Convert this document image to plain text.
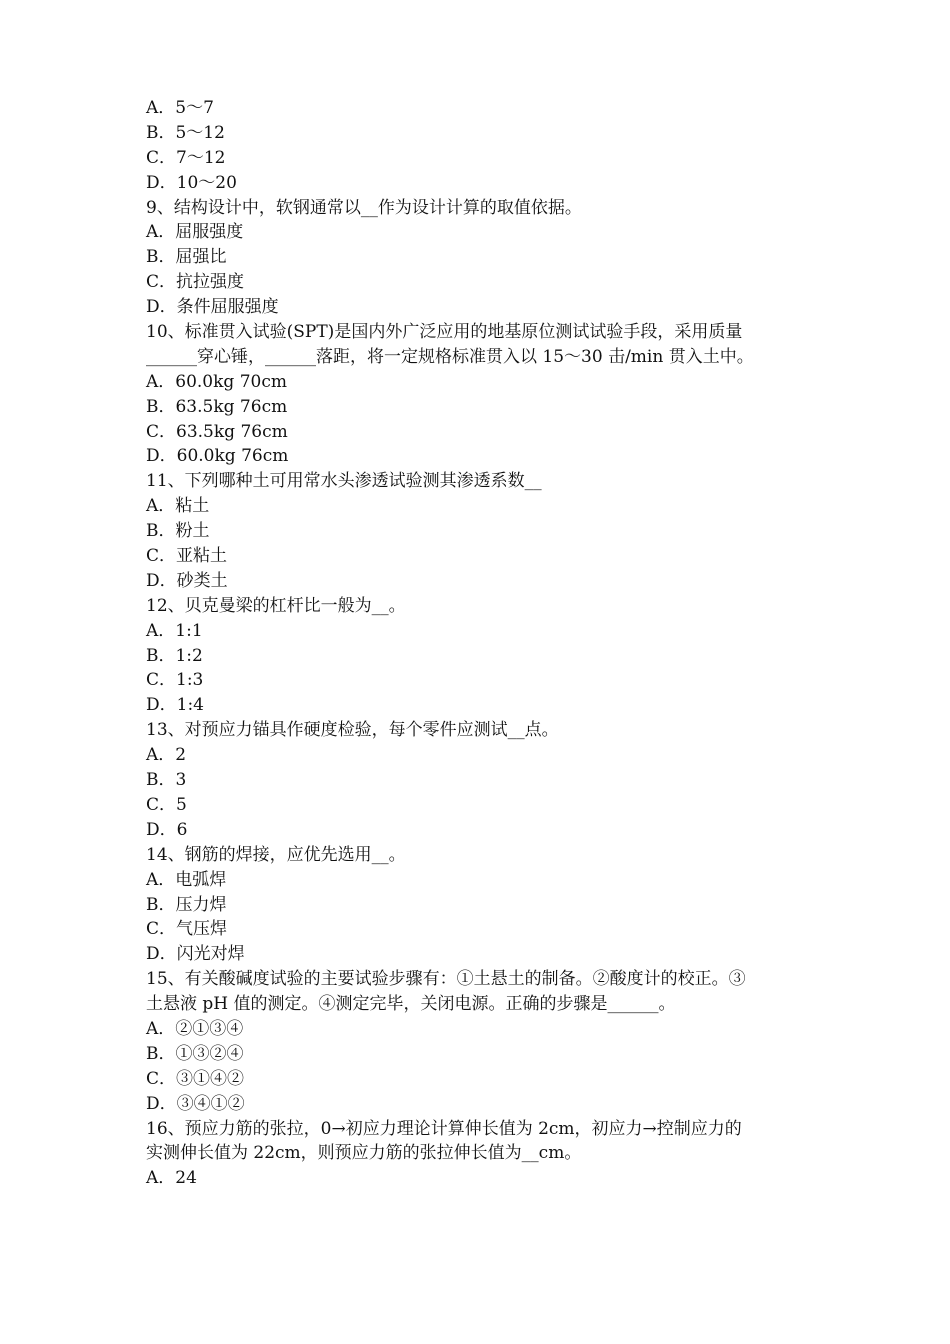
A．5～7
B．5～12
C．7～12
D．10～20
9、结构设计中，软钢通常以__作为设计计算的取值依据。
A．屈服强度
B．屈强比
C．抗拉强度
D．条件屈服强度
10、标准贯入试验(SPT)是国内外广泛应用的地基原位测试试验手段，采用质量
______穿心锤，______落距，将一定规格标准贯入以 15～30 击/min 贯入土中。
A．60.0kg 70cm
B．63.5kg 76cm
C．63.5kg 76cm
D．60.0kg 76cm
11、下列哪种土可用常水头渗透试验测其渗透系数__
A．粘土
B．粉土
C．亚粘土
D．砂类土
12、贝克曼梁的杠杆比一般为__。
A．1:1
B．1:2
C．1:3
D．1:4
13、对预应力锚具作硬度检验，每个零件应测试__点。
A．2
B．3
C．5
D．6
14、钢筋的焊接，应优先选用__。
A．电弧焊
B．压力焊
C．气压焊
D．闪光对焊
15、有关酸碱度试验的主要试验步骤有：①土悬土的制备。②酸度计的校正。③
土悬液 pH 值的测定。④测定完毕，关闭电源。正确的步骤是______。
A．②①③④
B．①③②④
C．③①④②
D．③④①②
16、预应力筋的张拉，0→初应力理论计算伸长值为 2cm，初应力→控制应力的
实测伸长值为 22cm，则预应力筋的张拉伸长值为__cm。
A．24
